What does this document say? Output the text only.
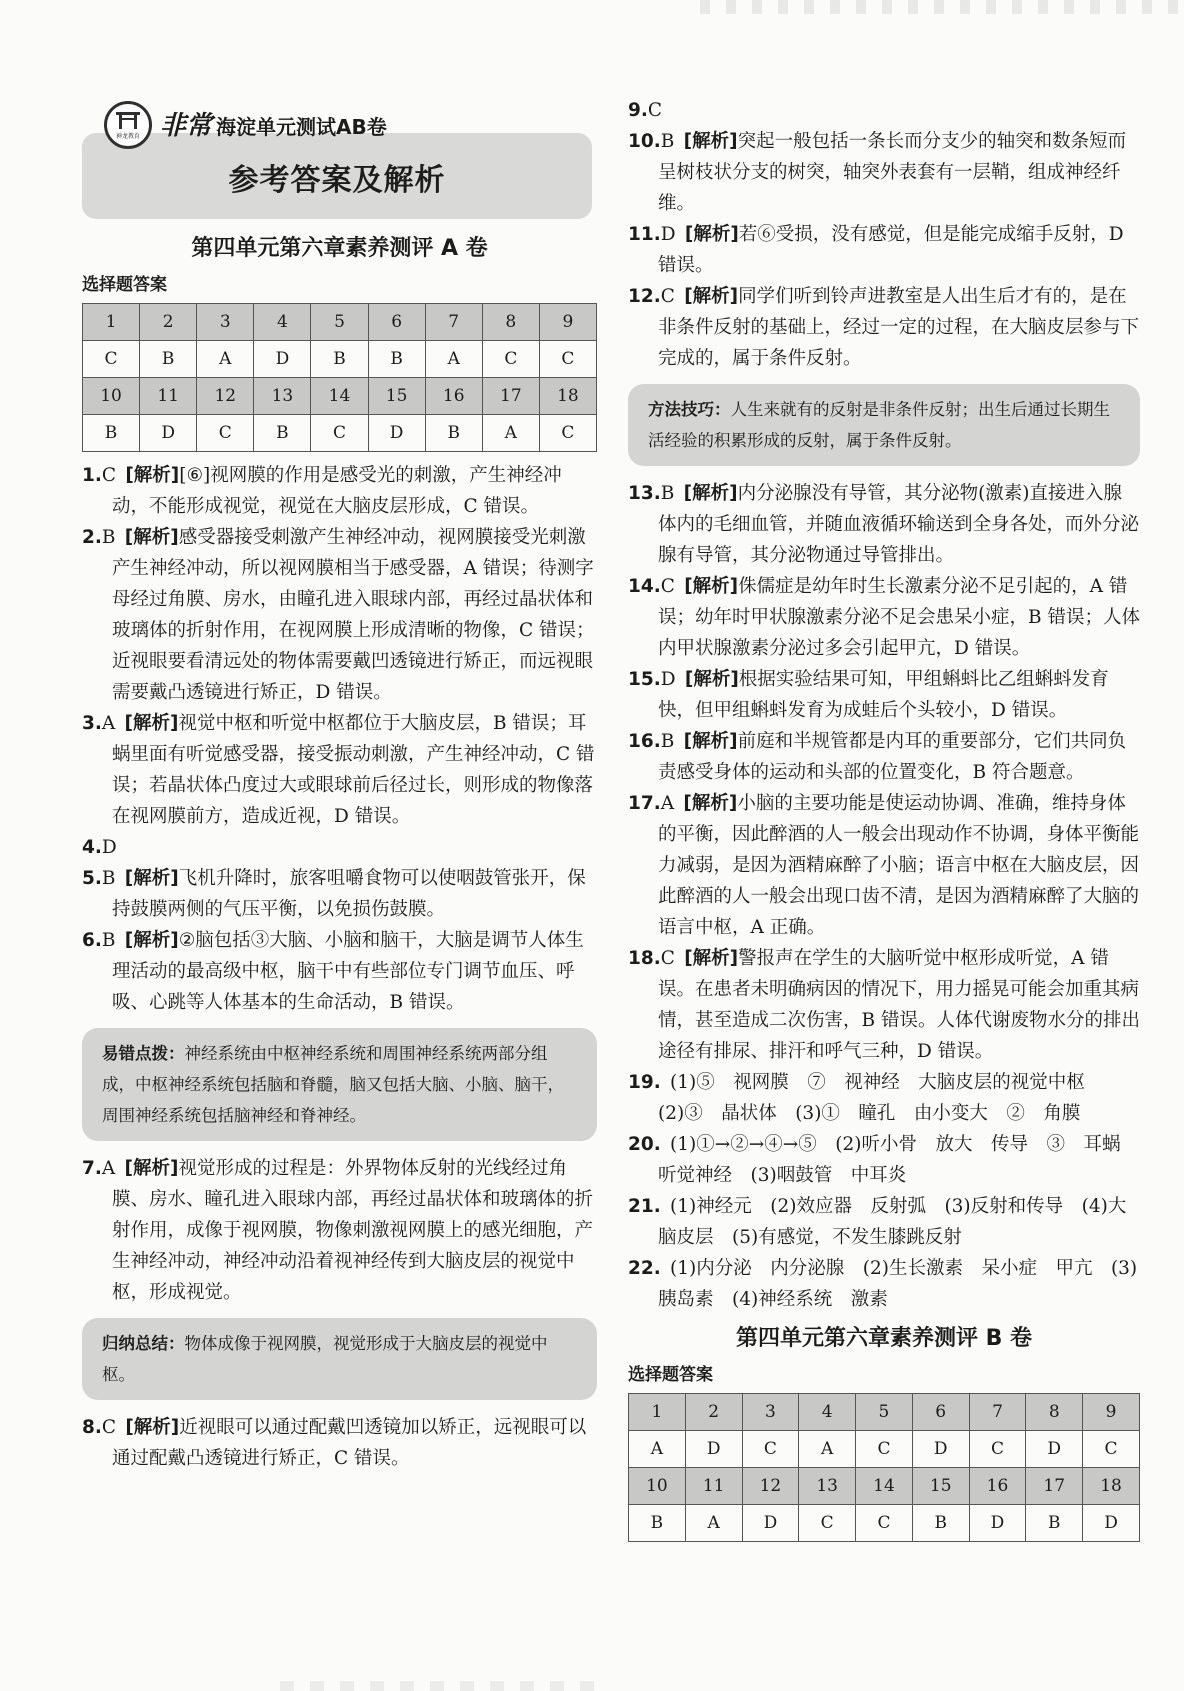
参考答案及解析
神龙教育 非常 海淀单元测试AB卷
第四单元第六章素养测评 A 卷
选择题答案
1	2	3	4	5	6	7	8	9
C	B	A	D	B	B	A	C	C
10	11	12	13	14	15	16	17	18
B	D	C	B	C	D	B	A	C

1.C  [解析][⑥]视网膜的作用是感受光的刺激，产生神经冲动，不能形成视觉，视觉在大脑皮层形成，C 错误。

2.B  [解析]感受器接受刺激产生神经冲动，视网膜接受光刺激产生神经冲动，所以视网膜相当于感受器，A 错误；待测字母经过角膜、房水，由瞳孔进入眼球内部，再经过晶状体和玻璃体的折射作用，在视网膜上形成清晰的物像，C 错误；近视眼要看清远处的物体需要戴凹透镜进行矫正，而远视眼需要戴凸透镜进行矫正，D 错误。

3.A  [解析]视觉中枢和听觉中枢都位于大脑皮层，B 错误；耳蜗里面有听觉感受器，接受振动刺激，产生神经冲动，C 错误；若晶状体凸度过大或眼球前后径过长，则形成的物像落在视网膜前方，造成近视，D 错误。

4.D 

5.B  [解析]飞机升降时，旅客咀嚼食物可以使咽鼓管张开，保持鼓膜两侧的气压平衡，以免损伤鼓膜。

6.B  [解析]②脑包括③大脑、小脑和脑干，大脑是调节人体生理活动的最高级中枢，脑干中有些部位专门调节血压、呼吸、心跳等人体基本的生命活动，B 错误。

易错点拨：神经系统由中枢神经系统和周围神经系统两部分组成，中枢神经系统包括脑和脊髓，脑又包括大脑、小脑、脑干，周围神经系统包括脑神经和脊神经。

7.A  [解析]视觉形成的过程是：外界物体反射的光线经过角膜、房水、瞳孔进入眼球内部，再经过晶状体和玻璃体的折射作用，成像于视网膜，物像刺激视网膜上的感光细胞，产生神经冲动，神经冲动沿着视神经传到大脑皮层的视觉中枢，形成视觉。

归纳总结：物体成像于视网膜，视觉形成于大脑皮层的视觉中枢。

8.C  [解析]近视眼可以通过配戴凹透镜加以矫正，远视眼可以通过配戴凸透镜进行矫正，C 错误。

9.C 

10.B  [解析]突起一般包括一条长而分支少的轴突和数条短而呈树枝状分支的树突，轴突外表套有一层鞘，组成神经纤维。

11.D  [解析]若⑥受损，没有感觉，但是能完成缩手反射，D 错误。

12.C  [解析]同学们听到铃声进教室是人出生后才有的，是在非条件反射的基础上，经过一定的过程，在大脑皮层参与下完成的，属于条件反射。

方法技巧：人生来就有的反射是非条件反射；出生后通过长期生活经验的积累形成的反射，属于条件反射。

13.B  [解析]内分泌腺没有导管，其分泌物(激素)直接进入腺体内的毛细血管，并随血液循环输送到全身各处，而外分泌腺有导管，其分泌物通过导管排出。

14.C  [解析]侏儒症是幼年时生长激素分泌不足引起的，A 错误；幼年时甲状腺激素分泌不足会患呆小症，B 错误；人体内甲状腺激素分泌过多会引起甲亢，D 错误。

15.D  [解析]根据实验结果可知，甲组蝌蚪比乙组蝌蚪发育快，但甲组蝌蚪发育为成蛙后个头较小，D 错误。

16.B  [解析]前庭和半规管都是内耳的重要部分，它们共同负责感受身体的运动和头部的位置变化，B 符合题意。

17.A  [解析]小脑的主要功能是使运动协调、准确，维持身体的平衡，因此醉酒的人一般会出现动作不协调，身体平衡能力减弱，是因为酒精麻醉了小脑；语言中枢在大脑皮层，因此醉酒的人一般会出现口齿不清，是因为酒精麻醉了大脑的语言中枢，A 正确。

18.C  [解析]警报声在学生的大脑听觉中枢形成听觉，A 错误。在患者未明确病因的情况下，用力摇晃可能会加重其病情，甚至造成二次伤害，B 错误。人体代谢废物水分的排出途径有排尿、排汗和呼气三种，D 错误。

19.  (1)⑤　视网膜　⑦　视神经　大脑皮层的视觉中枢　(2)③　晶状体　(3)①　瞳孔　由小变大　②　角膜

20.  (1)①→②→④→⑤　(2)听小骨　放大　传导　③　耳蜗　听觉神经　(3)咽鼓管　中耳炎

21.  (1)神经元　(2)效应器　反射弧　(3)反射和传导　(4)大脑皮层　(5)有感觉，不发生膝跳反射

22.  (1)内分泌　内分泌腺　(2)生长激素　呆小症　甲亢　(3)胰岛素　(4)神经系统　激素

第四单元第六章素养测评 B 卷
选择题答案
1	2	3	4	5	6	7	8	9
A	D	C	A	C	D	C	D	C
10	11	12	13	14	15	16	17	18
B	A	D	C	C	B	D	B	D
